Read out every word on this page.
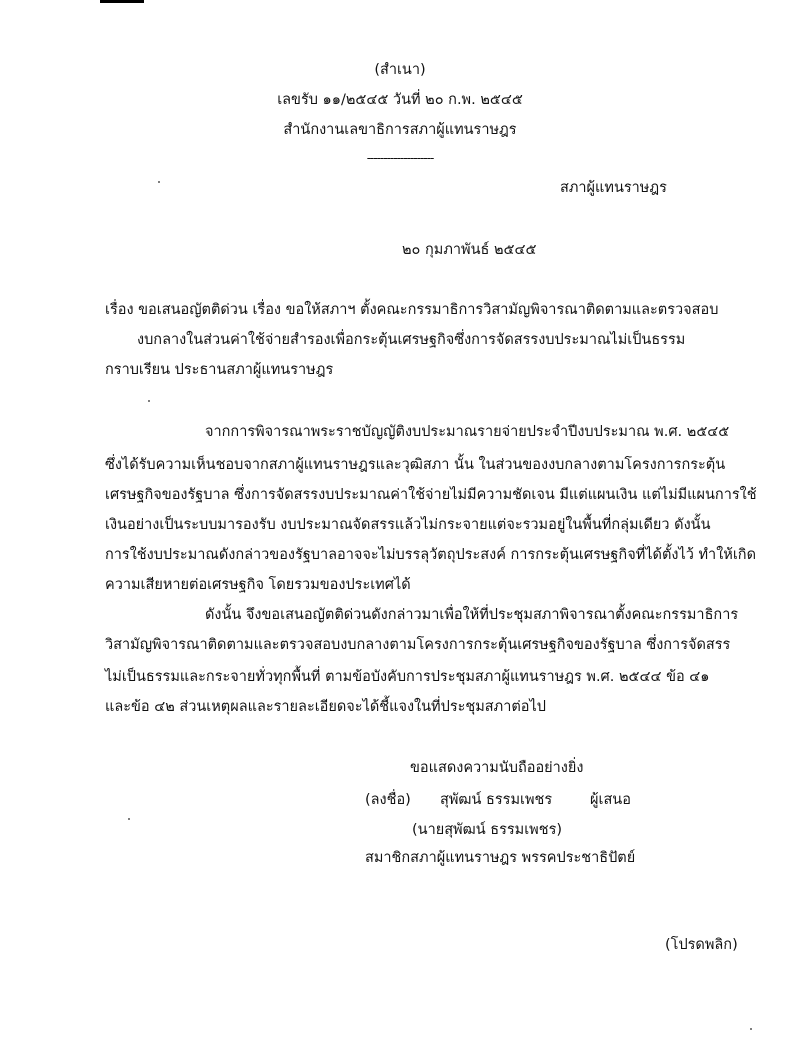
(สำเนา)
เลขรับ ๑๑/๒๕๔๕ วันที่ ๒๐ ก.พ. ๒๕๔๕
สำนักงานเลขาธิการสภาผู้แทนราษฎร
--------------------
สภาผู้แทนราษฎร
๒๐ กุมภาพันธ์ ๒๕๔๕
เรื่อง ขอเสนอญัตติด่วน เรื่อง ขอให้สภาฯ ตั้งคณะกรรมาธิการวิสามัญพิจารณาติดตามและตรวจสอบ
งบกลางในส่วนค่าใช้จ่ายสำรองเพื่อกระตุ้นเศรษฐกิจซึ่งการจัดสรรงบประมาณไม่เป็นธรรม
กราบเรียน ประธานสภาผู้แทนราษฎร
จากการพิจารณาพระราชบัญญัติงบประมาณรายจ่ายประจำปีงบประมาณ พ.ศ. ๒๕๔๕
ซึ่งได้รับความเห็นชอบจากสภาผู้แทนราษฎรและวุฒิสภา นั้น ในส่วนของงบกลางตามโครงการกระตุ้น
เศรษฐกิจของรัฐบาล ซึ่งการจัดสรรงบประมาณค่าใช้จ่ายไม่มีความชัดเจน มีแต่แผนเงิน แต่ไม่มีแผนการใช้
เงินอย่างเป็นระบบมารองรับ งบประมาณจัดสรรแล้วไม่กระจายแต่จะรวมอยู่ในพื้นที่กลุ่มเดียว ดังนั้น
การใช้งบประมาณดังกล่าวของรัฐบาลอาจจะไม่บรรลุวัตถุประสงค์ การกระตุ้นเศรษฐกิจที่ได้ตั้งไว้ ทำให้เกิด
ความเสียหายต่อเศรษฐกิจ โดยรวมของประเทศได้
ดังนั้น จึงขอเสนอญัตติด่วนดังกล่าวมาเพื่อให้ที่ประชุมสภาพิจารณาตั้งคณะกรรมาธิการ
วิสามัญพิจารณาติดตามและตรวจสอบงบกลางตามโครงการกระตุ้นเศรษฐกิจของรัฐบาล ซึ่งการจัดสรร
ไม่เป็นธรรมและกระจายทั่วทุกพื้นที่ ตามข้อบังคับการประชุมสภาผู้แทนราษฎร พ.ศ. ๒๕๔๔ ข้อ ๔๑
และข้อ ๔๒ ส่วนเหตุผลและรายละเอียดจะได้ชี้แจงในที่ประชุมสภาต่อไป
ขอแสดงความนับถืออย่างยิ่ง
(ลงชื่อ) สุพัฒน์ ธรรมเพชร	ผู้เสนอ
(นายสุพัฒน์ ธรรมเพชร)
สมาชิกสภาผู้แทนราษฎร พรรคประชาธิปัตย์
(โปรดพลิก)
